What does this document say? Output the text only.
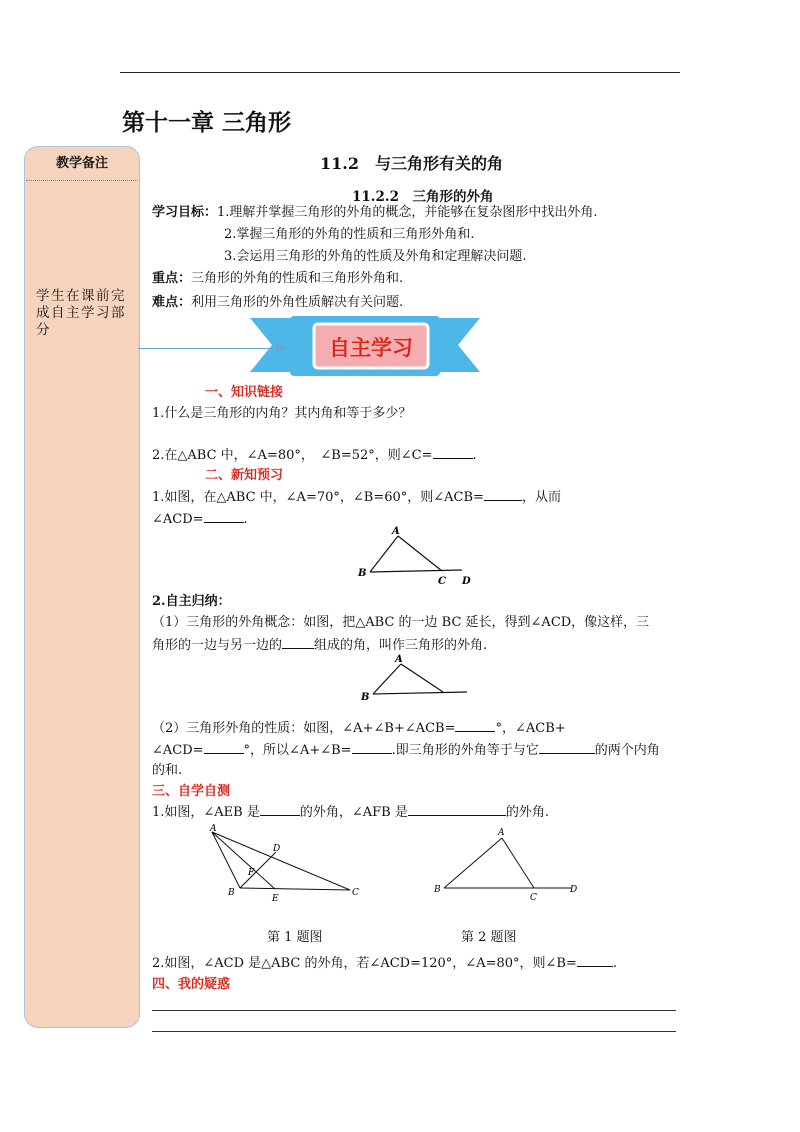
第十一章 三角形
教学备注
学生在课前完成自主学习部分
11.2　与三角形有关的角
11.2.2　三角形的外角
学习目标：1.理解并掌握三角形的外角的概念，并能够在复杂图形中找出外角.
2.掌握三角形的外角的性质和三角形外角和.
3.会运用三角形的外角的性质及外角和定理解决问题.
重点：三角形的外角的性质和三角形外角和.
难点：利用三角形的外角性质解决有关问题.
自主学习
一、知识链接
1.什么是三角形的内角？其内角和等于多少？
2.在△ABC 中，∠A=80°，　∠B=52°，则∠C=	.
二、新知预习
1.如图，在△ABC 中，∠A=70°，∠B=60°，则∠ACB=	，从而
∠ACD=	.
A
B
C D
2.自主归纳：
（1）三角形的外角概念：如图，把△ABC 的一边 BC 延长，得到∠ACD，像这样，三
角形的一边与另一边的 组成的角，叫作三角形的外角.
A
B
（2）三角形外角的性质：如图，∠A+∠B+∠ACB=	°，∠ACB+
∠ACD=	°，所以∠A+∠B=	.即三角形的外角等于与它	的两个内角
的和.
三、自学自测
1.如图，∠AEB 是	的外角，∠AFB 是	的外角.
A
B	C
D
E
F
A
B
C
D
第 1 题图	第 2 题图
2.如图，∠ACD 是△ABC 的外角，若∠ACD=120°，∠A=80°，则∠B=	.
四、我的疑惑
